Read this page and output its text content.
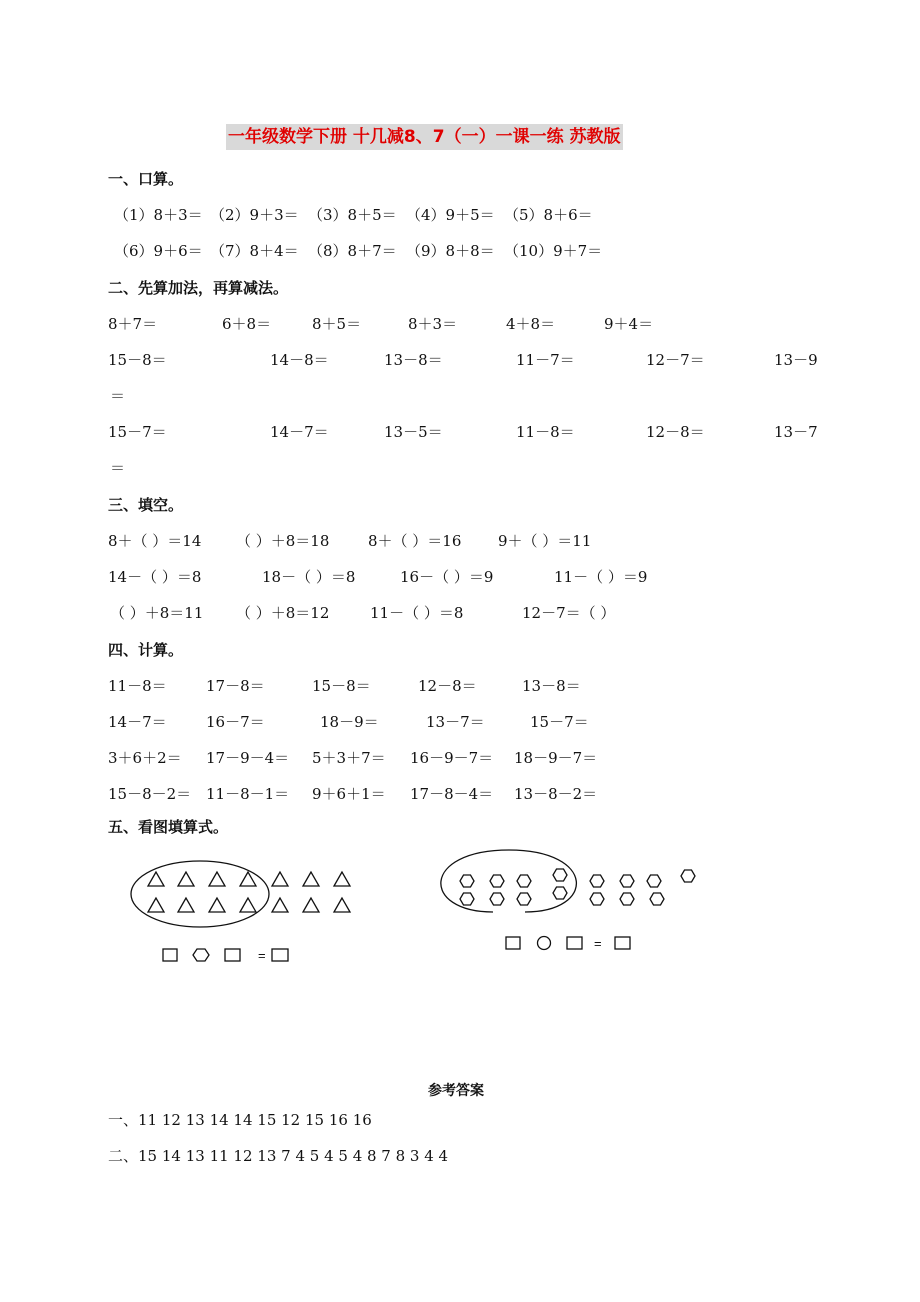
一年级数学下册 十几减8、7（一）一课一练 苏教版
一、口算。
（1）8＋3＝ （2）9＋3＝ （3）8＋5＝ （4）9＋5＝ （5）8＋6＝
（6）9＋6＝ （7）8＋4＝ （8）8＋7＝ （9）8＋8＝ （10）9＋7＝
二、先算加法，再算减法。
8＋7＝	6＋8＝	8＋5＝	8＋3＝	4＋8＝	9＋4＝
15－8＝	14－8＝	13－8＝	11－7＝	12－7＝	13－9
＝
15－7＝	14－7＝	13－5＝	11－8＝	12－8＝	13－7
＝
三、填空。
8＋（ ）＝14 （ ）＋8＝18	8＋（ ）＝16 9＋（ ）＝11
14－（ ）＝8	18－（ ）＝8	16－（ ）＝9	11－（ ）＝9
（ ）＋8＝11 （ ）＋8＝12	11－（ ）＝8	12－7＝（ ）
四、计算。
11－8＝	17－8＝	15－8＝	12－8＝	13－8＝
14－7＝	16－7＝	18－9＝	13－7＝	15－7＝
3＋6＋2＝ 17－9－4＝ 5＋3＋7＝ 16－9－7＝ 18－9－7＝
15－8－2＝ 11－8－1＝ 9＋6＋1＝ 17－8－4＝ 13－8－2＝
五、看图填算式。
=
=
参考答案
一、11 12 13 14 14 15 12 15 16 16
二、15 14 13 11 12 13 7 4 5 4 5 4 8 7 8 3 4 4
